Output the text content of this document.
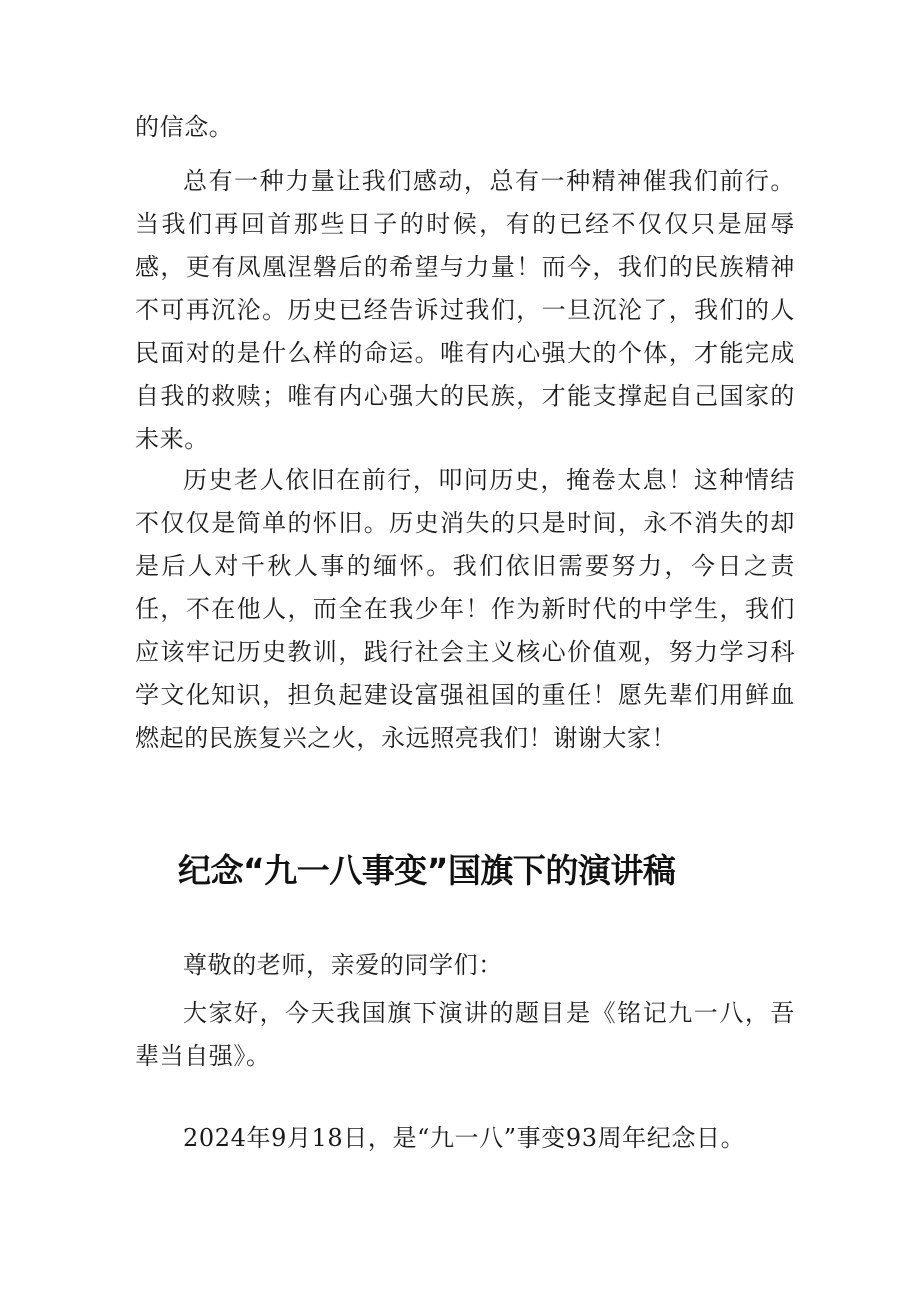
的信念。

总有一种力量让我们感动，总有一种精神催我们前行。当我们再回首那些日子的时候，有的已经不仅仅只是屈辱感，更有凤凰涅磐后的希望与力量！而今，我们的民族精神不可再沉沦。历史已经告诉过我们，一旦沉沦了，我们的人民面对的是什么样的命运。唯有内心强大的个体，才能完成自我的救赎；唯有内心强大的民族，才能支撑起自己国家的未来。

历史老人依旧在前行，叩问历史，掩卷太息！这种情结不仅仅是简单的怀旧。历史消失的只是时间，永不消失的却是后人对千秋人事的缅怀。我们依旧需要努力，今日之责任，不在他人，而全在我少年！作为新时代的中学生，我们应该牢记历史教训，践行社会主义核心价值观，努力学习科学文化知识，担负起建设富强祖国的重任！愿先辈们用鲜血燃起的民族复兴之火，永远照亮我们！谢谢大家！

纪念“九一八事变”国旗下的演讲稿

尊敬的老师，亲爱的同学们：

大家好，今天我国旗下演讲的题目是《铭记九一八，吾辈当自强》。

2024年9月18日，是“九一八”事变93周年纪念日。
